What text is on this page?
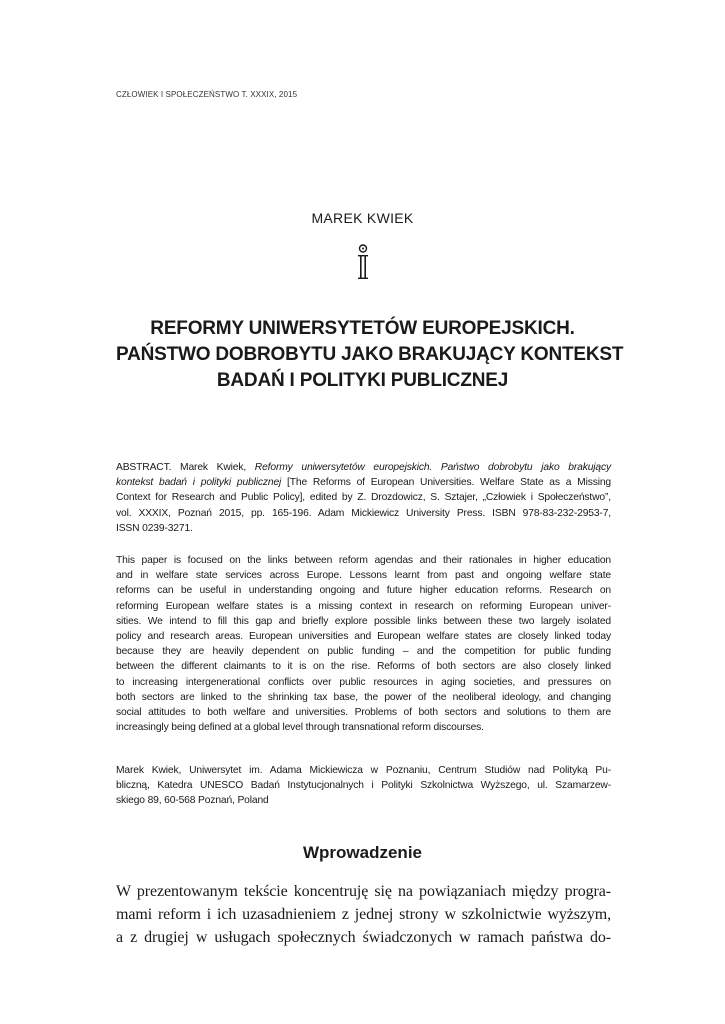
CZŁOWIEK I SPOŁECZEŃSTWO T. XXXIX, 2015
MAREK KWIEK
REFORMY UNIWERSYTETÓW EUROPEJSKICH.
PAŃSTWO DOBROBYTU JAKO BRAKUJĄCY KONTEKST
BADAŃ I POLITYKI PUBLICZNEJ
ABSTRACT. Marek Kwiek, Reformy uniwersytetów europejskich. Państwo dobrobytu jako brakujący
kontekst badań i polityki publicznej [The Reforms of European Universities. Welfare State as a Missing
Context for Research and Public Policy], edited by Z. Drozdowicz, S. Sztajer, „Człowiek i Społeczeństwo”,
vol. XXXIX, Poznań 2015, pp. 165-196. Adam Mickiewicz University Press. ISBN 978-83-232-2953-7,
ISSN 0239-3271.
This paper is focused on the links between reform agendas and their rationales in higher education
and in welfare state services across Europe. Lessons learnt from past and ongoing welfare state
reforms can be useful in understanding ongoing and future higher education reforms. Research on
reforming European welfare states is a missing context in research on reforming European univer-
sities. We intend to fill this gap and briefly explore possible links between these two largely isolated
policy and research areas. European universities and European welfare states are closely linked today
because they are heavily dependent on public funding – and the competition for public funding
between the different claimants to it is on the rise. Reforms of both sectors are also closely linked
to increasing intergenerational conflicts over public resources in aging societies, and pressures on
both sectors are linked to the shrinking tax base, the power of the neoliberal ideology, and changing
social attitudes to both welfare and universities. Problems of both sectors and solutions to them are
increasingly being defined at a global level through transnational reform discourses.
Marek Kwiek, Uniwersytet im. Adama Mickiewicza w Poznaniu, Centrum Studiów nad Polityką Pu-
bliczną, Katedra UNESCO Badań Instytucjonalnych i Polityki Szkolnictwa Wyższego, ul. Szamarzew-
skiego 89, 60-568 Poznań, Poland
Wprowadzenie
W prezentowanym tekście koncentruję się na powiązaniach między progra-
mami reform i ich uzasadnieniem z jednej strony w szkolnictwie wyższym,
a z drugiej w usługach społecznych świadczonych w ramach państwa do-
